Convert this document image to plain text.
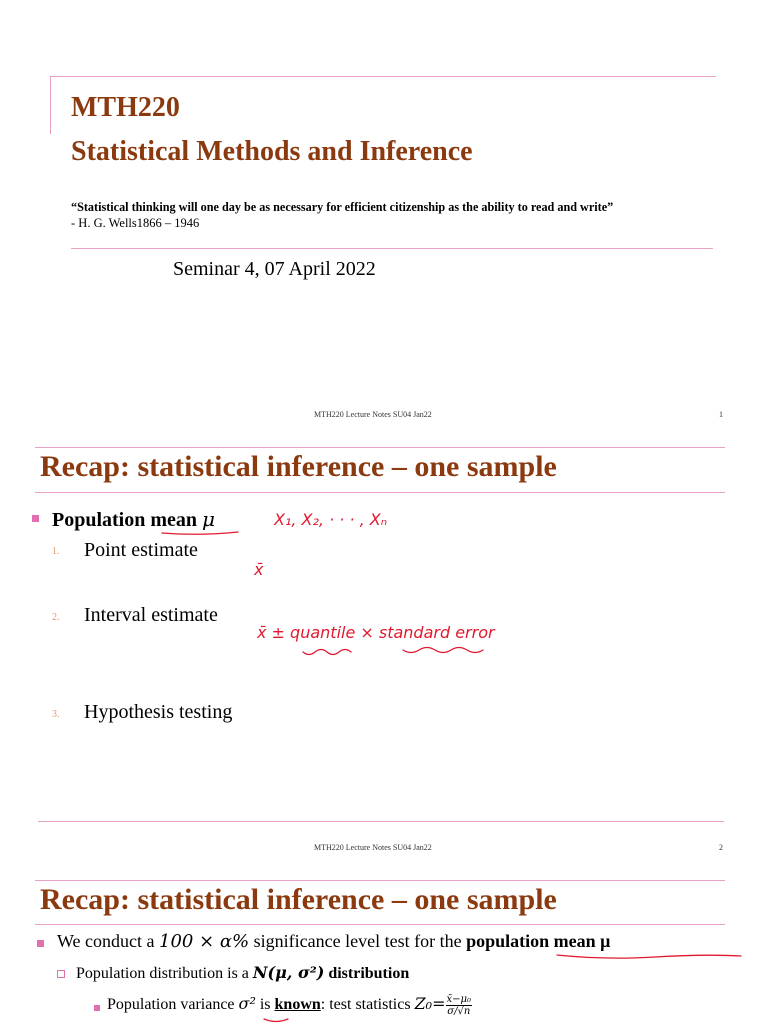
MTH220
Statistical Methods and Inference
“Statistical thinking will one day be as necessary for efficient citizenship as the ability to read and write”
- H. G. Wells1866 – 1946
Seminar 4, 07 April 2022
MTH220 Lecture Notes SU04 Jan22	1
Recap: statistical inference – one sample
Population mean μ
1. Point estimate
2. Interval estimate
3. Hypothesis testing
X₁, X₂, · · · , Xₙ
x̄
x̄ ± quantile × standard error
MTH220 Lecture Notes SU04 Jan22	2
Recap: statistical inference – one sample
We conduct a 100 × α% significance level test for the population mean μ
Population distribution is a N(μ, σ²) distribution
Population variance σ² is known: test statistics $Z_0= \frac{\text{x̄−μ₀}}{\sigma/√n}$
